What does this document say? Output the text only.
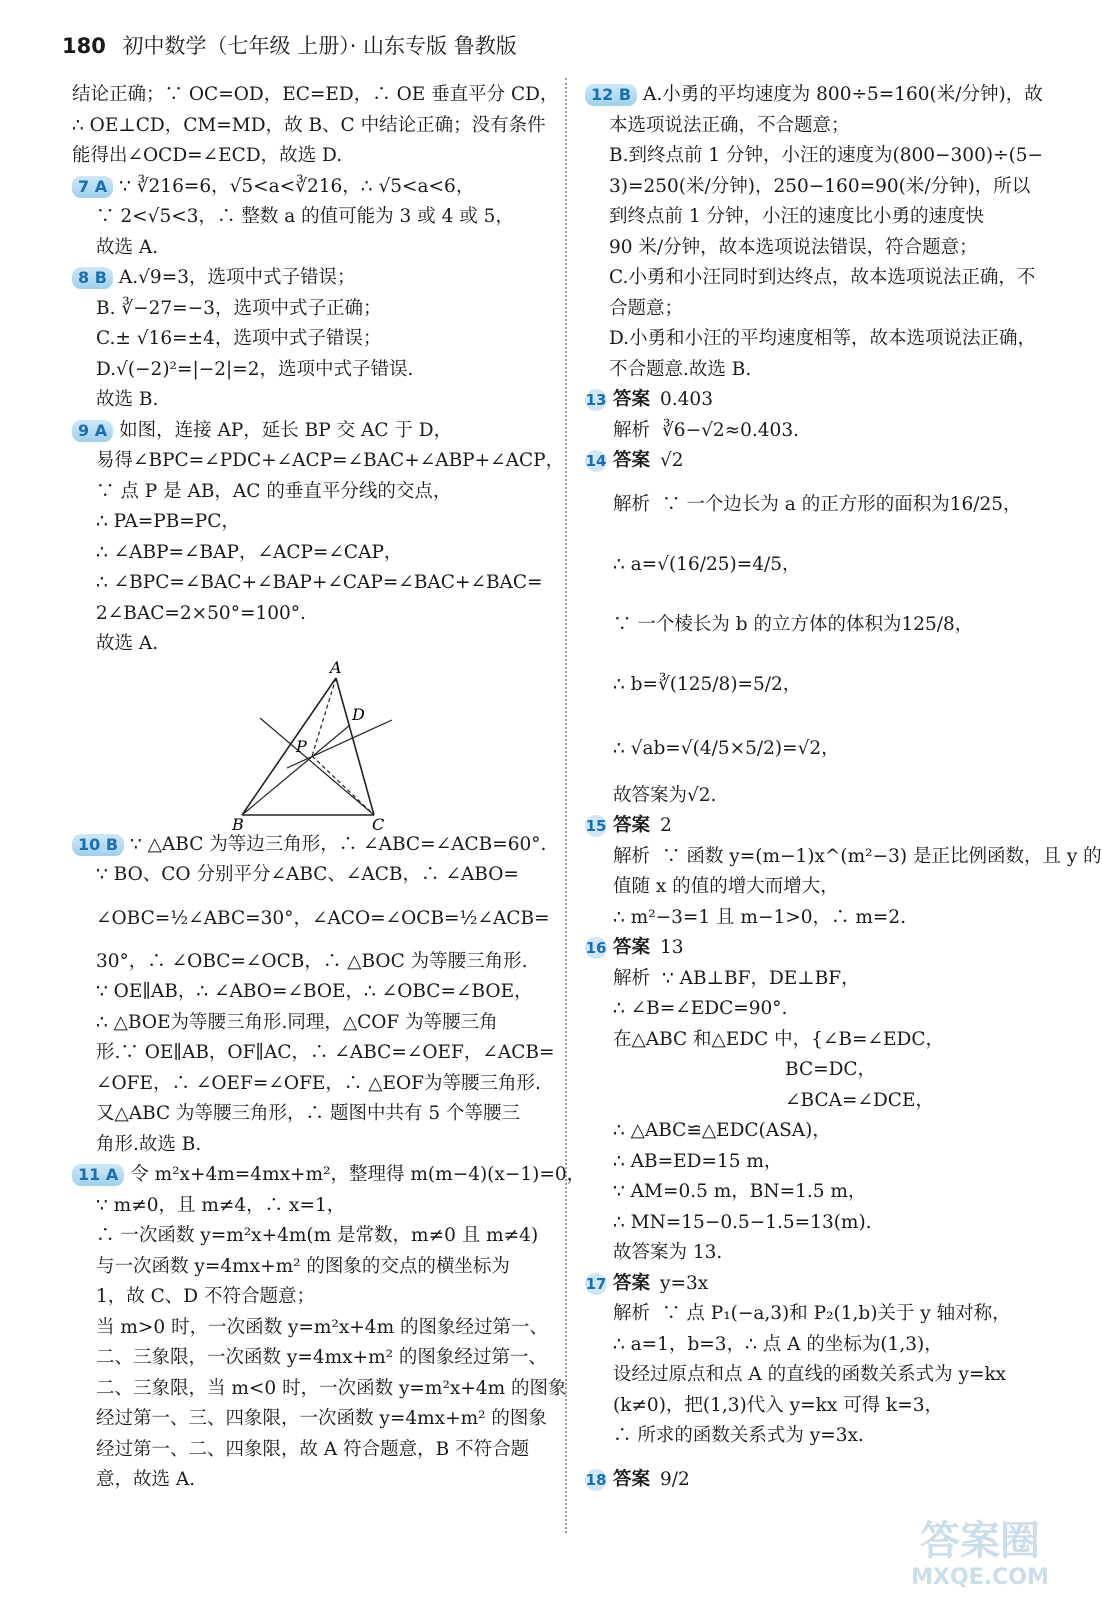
180 初中数学（七年级 上册）· 山东专版 鲁教版
结论正确；∵ OC=OD，EC=ED，∴ OE 垂直平分 CD，
∴ OE⊥CD，CM=MD，故 B、C 中结论正确；没有条件
能得出∠OCD=∠ECD，故选 D.
7 A ∵ ∛216=6，√5<a<∛216，∴ √5<a<6，
∵ 2<√5<3，∴ 整数 a 的值可能为 3 或 4 或 5，
故选 A.
8 B A.√9=3，选项中式子错误；
B. ∛−27=−3，选项中式子正确；
C.± √16=±4，选项中式子错误；
D.√(−2)²=|−2|=2，选项中式子错误.
故选 B.
9 A 如图，连接 AP，延长 BP 交 AC 于 D，
易得∠BPC=∠PDC+∠ACP=∠BAC+∠ABP+∠ACP，
∵ 点 P 是 AB，AC 的垂直平分线的交点，
∴ PA=PB=PC，
∴ ∠ABP=∠BAP，∠ACP=∠CAP，
∴ ∠BPC=∠BAC+∠BAP+∠CAP=∠BAC+∠BAC=
2∠BAC=2×50°=100°.
故选 A.
A
B	C
D
P
10 B ∵ △ABC 为等边三角形，∴ ∠ABC=∠ACB=60°.
∵ BO、CO 分别平分∠ABC、∠ACB，∴ ∠ABO=
∠OBC=½∠ABC=30°，∠ACO=∠OCB=½∠ACB=
30°，∴ ∠OBC=∠OCB，∴ △BOC 为等腰三角形.
∵ OE∥AB，∴ ∠ABO=∠BOE，∴ ∠OBC=∠BOE，
∴ △BOE为等腰三角形.同理，△COF 为等腰三角
形.∵ OE∥AB，OF∥AC，∴ ∠ABC=∠OEF，∠ACB=
∠OFE，∴ ∠OEF=∠OFE，∴ △EOF为等腰三角形.
又△ABC 为等腰三角形，∴ 题图中共有 5 个等腰三
角形.故选 B.
11 A 令 m²x+4m=4mx+m²，整理得 m(m−4)(x−1)=0，
∵ m≠0，且 m≠4，∴ x=1，
∴ 一次函数 y=m²x+4m(m 是常数，m≠0 且 m≠4)
与一次函数 y=4mx+m² 的图象的交点的横坐标为
1，故 C、D 不符合题意；
当 m>0 时，一次函数 y=m²x+4m 的图象经过第一、
二、三象限，一次函数 y=4mx+m² 的图象经过第一、
二、三象限，当 m<0 时，一次函数 y=m²x+4m 的图象
经过第一、三、四象限，一次函数 y=4mx+m² 的图象
经过第一、二、四象限，故 A 符合题意，B 不符合题
意，故选 A.
12 B A.小勇的平均速度为 800÷5=160(米/分钟)，故
本选项说法正确，不合题意；
B.到终点前 1 分钟，小汪的速度为(800−300)÷(5−
3)=250(米/分钟)，250−160=90(米/分钟)，所以
到终点前 1 分钟，小汪的速度比小勇的速度快
90 米/分钟，故本选项说法错误，符合题意；
C.小勇和小汪同时到达终点，故本选项说法正确，不
合题意；
D.小勇和小汪的平均速度相等，故本选项说法正确，
不合题意.故选 B.
13 答案 0.403
解析 ∛6−√2≈0.403.
14 答案 √2
解析 ∵ 一个边长为 a 的正方形的面积为16/25，
∴ a=√(16/25)=4/5，
∵ 一个棱长为 b 的立方体的体积为125/8，
∴ b=∛(125/8)=5/2，
∴ √ab=√(4/5×5/2)=√2，
故答案为√2.
15 答案 2
解析 ∵ 函数 y=(m−1)x^(m²−3) 是正比例函数，且 y 的
值随 x 的值的增大而增大，
∴ m²−3=1 且 m−1>0，∴ m=2.
16 答案 13
解析 ∵ AB⊥BF，DE⊥BF，
∴ ∠B=∠EDC=90°.
在△ABC 和△EDC 中，{∠B=∠EDC，
BC=DC，
∠BCA=∠DCE，
∴ △ABC≌△EDC(ASA)，
∴ AB=ED=15 m，
∵ AM=0.5 m，BN=1.5 m，
∴ MN=15−0.5−1.5=13(m).
故答案为 13.
17 答案 y=3x
解析 ∵ 点 P₁(−a,3)和 P₂(1,b)关于 y 轴对称，
∴ a=1，b=3，∴ 点 A 的坐标为(1,3)，
设经过原点和点 A 的直线的函数关系式为 y=kx
(k≠0)，把(1,3)代入 y=kx 可得 k=3，
∴ 所求的函数关系式为 y=3x.
18 答案 9/2
答案圈
MXQE.COM
